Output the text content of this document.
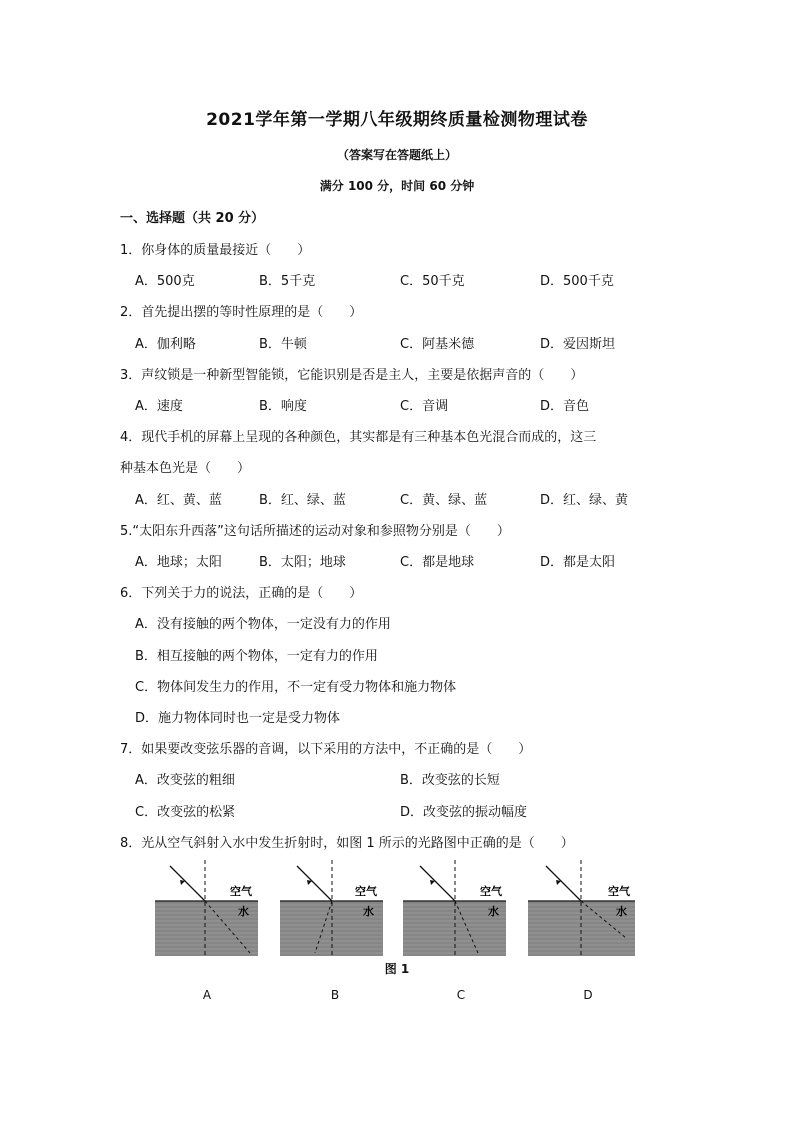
2021学年第一学期八年级期终质量检测物理试卷
（答案写在答题纸上）
满分 100 分，时间 60 分钟
一、选择题（共 20 分）
1．你身体的质量最接近（　　）
A．500克	B．5千克	C．50千克	D．500千克
2．首先提出摆的等时性原理的是（　　）
A．伽利略	B．牛顿	C．阿基米德	D．爱因斯坦
3．声纹锁是一种新型智能锁，它能识别是否是主人，主要是依据声音的（　　）
A．速度	B．响度	C．音调	D．音色
4．现代手机的屏幕上呈现的各种颜色，其实都是有三种基本色光混合而成的，这三
种基本色光是（　　）
A．红、黄、蓝	B．红、绿、蓝	C．黄、绿、蓝	D．红、绿、黄
5.“太阳东升西落”这句话所描述的运动对象和参照物分别是（　　）
A．地球；太阳	B．太阳；地球	C．都是地球	D．都是太阳
6．下列关于力的说法，正确的是（　　）
A．没有接触的两个物体，一定没有力的作用
B．相互接触的两个物体，一定有力的作用
C．物体间发生力的作用，不一定有受力物体和施力物体
D．施力物体同时也一定是受力物体
7．如果要改变弦乐器的音调，以下采用的方法中，不正确的是（　　）
A．改变弦的粗细	B．改变弦的长短
C．改变弦的松紧	D．改变弦的振动幅度
8．光从空气斜射入水中发生折射时，如图 1 所示的光路图中正确的是（　　）
空气
水
空气
水
空气
水
空气
水
图 1
A	B	C	D
